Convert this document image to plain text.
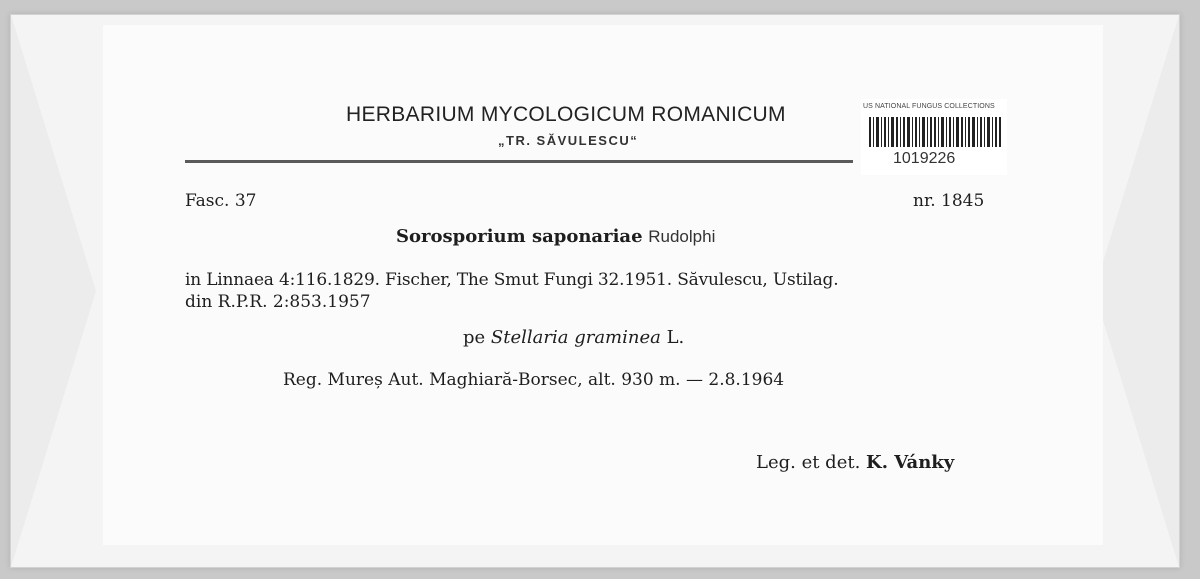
HERBARIUM MYCOLOGICUM ROMANICUM
„TR. SĂVULESCU“
US NATIONAL FUNGUS COLLECTIONS
1019226
Fasc. 37	nr. 1845
Sorosporium saponariae Rudolphi
in Linnaea 4:116.1829. Fischer, The Smut Fungi 32.1951. Săvulescu, Ustilag.
din R.P.R. 2:853.1957
pe Stellaria graminea L.
Reg. Mureș Aut. Maghiară-Borsec, alt. 930 m. — 2.8.1964
Leg. et det. K. Vánky
